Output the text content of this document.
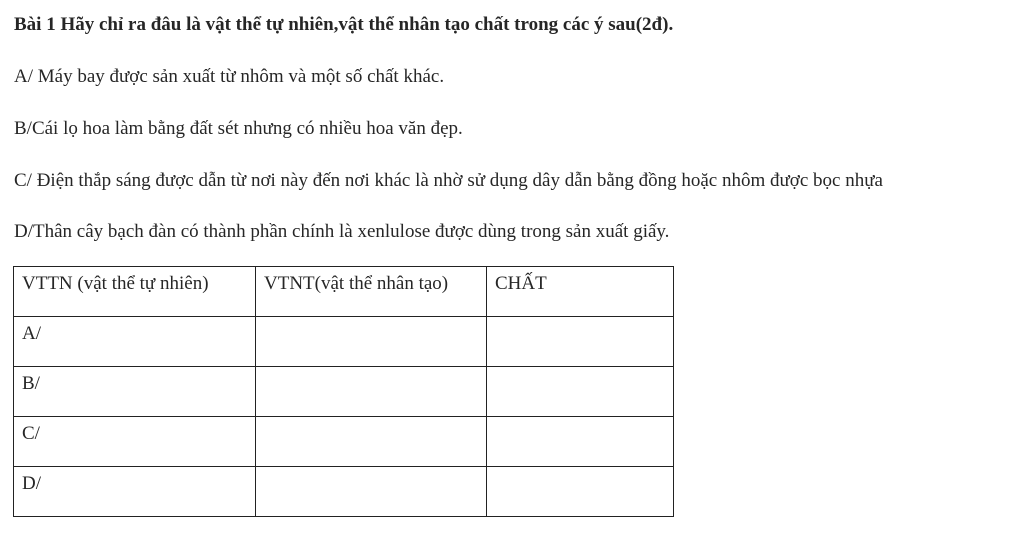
Bài 1 Hãy chỉ ra đâu là vật thể tự nhiên,vật thể nhân tạo chất trong các ý sau(2đ).
A/ Máy bay được sản xuất từ nhôm và một số chất khác.
B/Cái lọ hoa làm bằng đất sét nhưng có nhiều hoa văn đẹp.
C/ Điện thắp sáng được dẫn từ nơi này đến nơi khác là nhờ sử dụng dây dẫn bằng đồng hoặc nhôm được bọc nhựa
D/Thân cây bạch đàn có thành phần chính là xenlulose được dùng trong sản xuất giấy.
VTTN (vật thể tự nhiên)	VTNT(vật thể nhân tạo)	CHẤT
A/		
B/		
C/		
D/		
